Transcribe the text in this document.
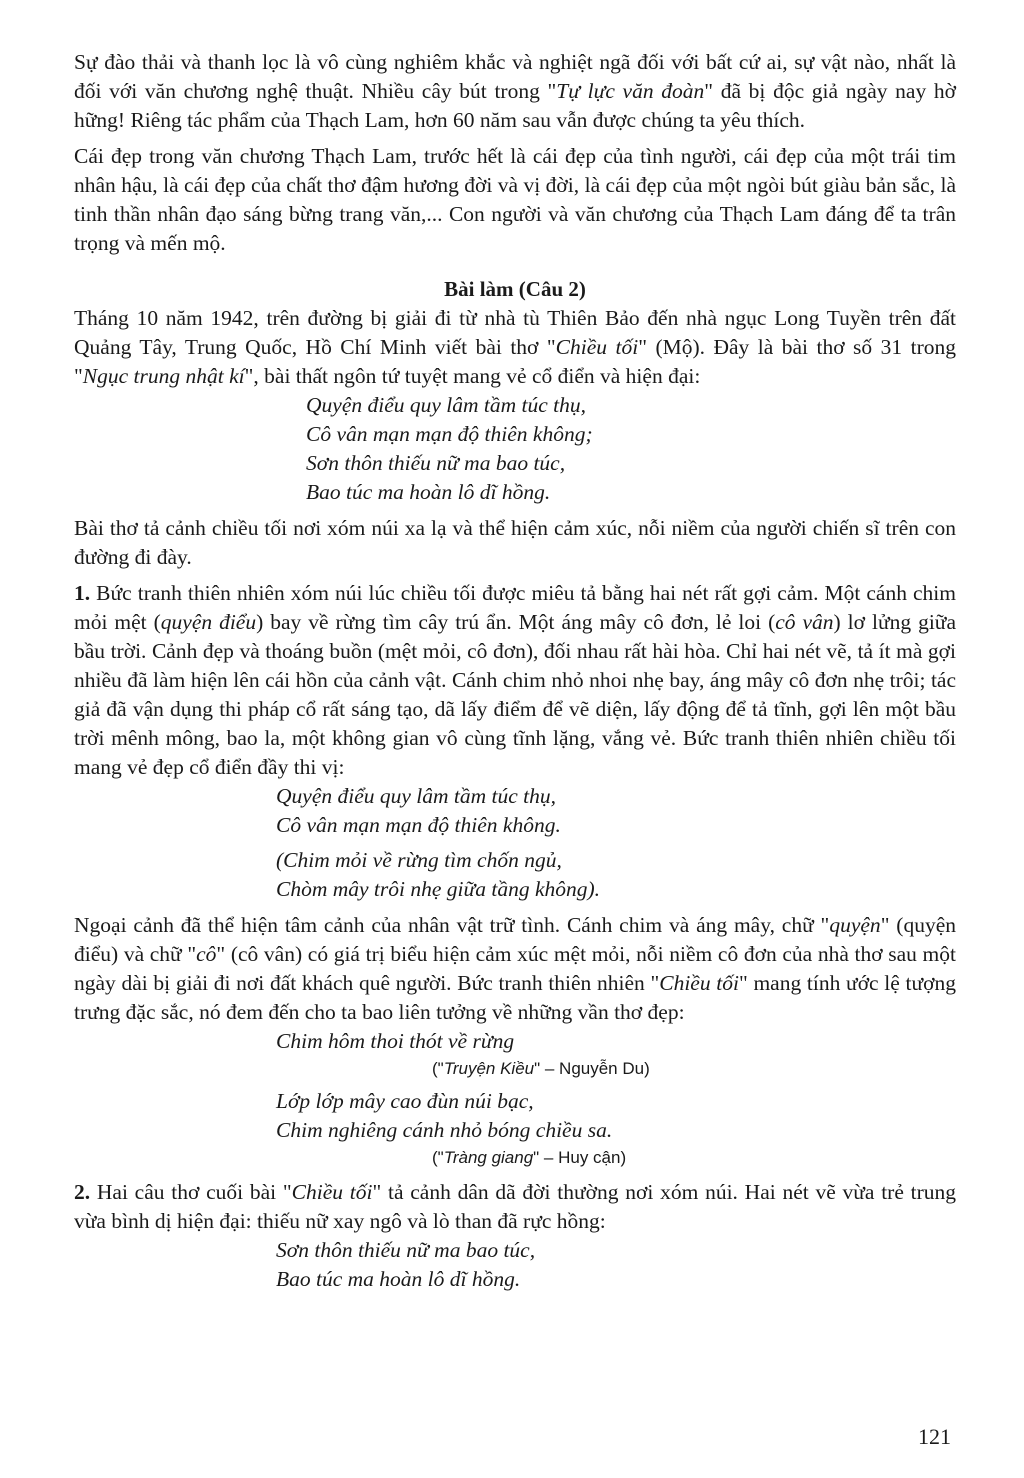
Sự đào thải và thanh lọc là vô cùng nghiêm khắc và nghiệt ngã đối với bất cứ ai, sự vật nào, nhất là đối với văn chương nghệ thuật. Nhiều cây bút trong "Tự lực văn đoàn" đã bị độc giả ngày nay hờ hững! Riêng tác phẩm của Thạch Lam, hơn 60 năm sau vẫn được chúng ta yêu thích.

Cái đẹp trong văn chương Thạch Lam, trước hết là cái đẹp của tình người, cái đẹp của một trái tim nhân hậu, là cái đẹp của chất thơ đậm hương đời và vị đời, là cái đẹp của một ngòi bút giàu bản sắc, là tinh thần nhân đạo sáng bừng trang văn,... Con người và văn chương của Thạch Lam đáng để ta trân trọng và mến mộ.

Bài làm (Câu 2)

Tháng 10 năm 1942, trên đường bị giải đi từ nhà tù Thiên Bảo đến nhà ngục Long Tuyền trên đất Quảng Tây, Trung Quốc, Hồ Chí Minh viết bài thơ "Chiều tối" (Mộ). Đây là bài thơ số 31 trong "Ngục trung nhật kí", bài thất ngôn tứ tuyệt mang vẻ cổ điển và hiện đại:

Quyện điểu quy lâm tầm túc thụ,
Cô vân mạn mạn độ thiên không;
Sơn thôn thiếu nữ ma bao túc,
Bao túc ma hoàn lô dĩ hồng.

Bài thơ tả cảnh chiều tối nơi xóm núi xa lạ và thể hiện cảm xúc, nỗi niềm của người chiến sĩ trên con đường đi đày.

1. Bức tranh thiên nhiên xóm núi lúc chiều tối được miêu tả bằng hai nét rất gợi cảm. Một cánh chim mỏi mệt (quyện điểu) bay về rừng tìm cây trú ẩn. Một áng mây cô đơn, lẻ loi (cô vân) lơ lửng giữa bầu trời. Cảnh đẹp và thoáng buồn (mệt mỏi, cô đơn), đối nhau rất hài hòa. Chỉ hai nét vẽ, tả ít mà gợi nhiều đã làm hiện lên cái hồn của cảnh vật. Cánh chim nhỏ nhoi nhẹ bay, áng mây cô đơn nhẹ trôi; tác giả đã vận dụng thi pháp cổ rất sáng tạo, dã lấy điểm để vẽ diện, lấy động để tả tĩnh, gợi lên một bầu trời mênh mông, bao la, một không gian vô cùng tĩnh lặng, vắng vẻ. Bức tranh thiên nhiên chiều tối mang vẻ đẹp cổ điển đầy thi vị:

Quyện điểu quy lâm tầm túc thụ,
Cô vân mạn mạn độ thiên không.
(Chim mỏi về rừng tìm chốn ngủ,
Chòm mây trôi nhẹ giữa tầng không).

Ngoại cảnh đã thể hiện tâm cảnh của nhân vật trữ tình. Cánh chim và áng mây, chữ "quyện" (quyện điểu) và chữ "cô" (cô vân) có giá trị biểu hiện cảm xúc mệt mỏi, nỗi niềm cô đơn của nhà thơ sau một ngày dài bị giải đi nơi đất khách quê người. Bức tranh thiên nhiên "Chiều tối" mang tính ước lệ tượng trưng đặc sắc, nó đem đến cho ta bao liên tưởng về những vần thơ đẹp:

Chim hôm thoi thót về rừng
("Truyện Kiều" – Nguyễn Du)
Lớp lớp mây cao đùn núi bạc,
Chim nghiêng cánh nhỏ bóng chiều sa.
("Tràng giang" – Huy cận)

2. Hai câu thơ cuối bài "Chiều tối" tả cảnh dân dã đời thường nơi xóm núi. Hai nét vẽ vừa trẻ trung vừa bình dị hiện đại: thiếu nữ xay ngô và lò than đã rực hồng:

Sơn thôn thiếu nữ ma bao túc,
Bao túc ma hoàn lô dĩ hồng.
121
